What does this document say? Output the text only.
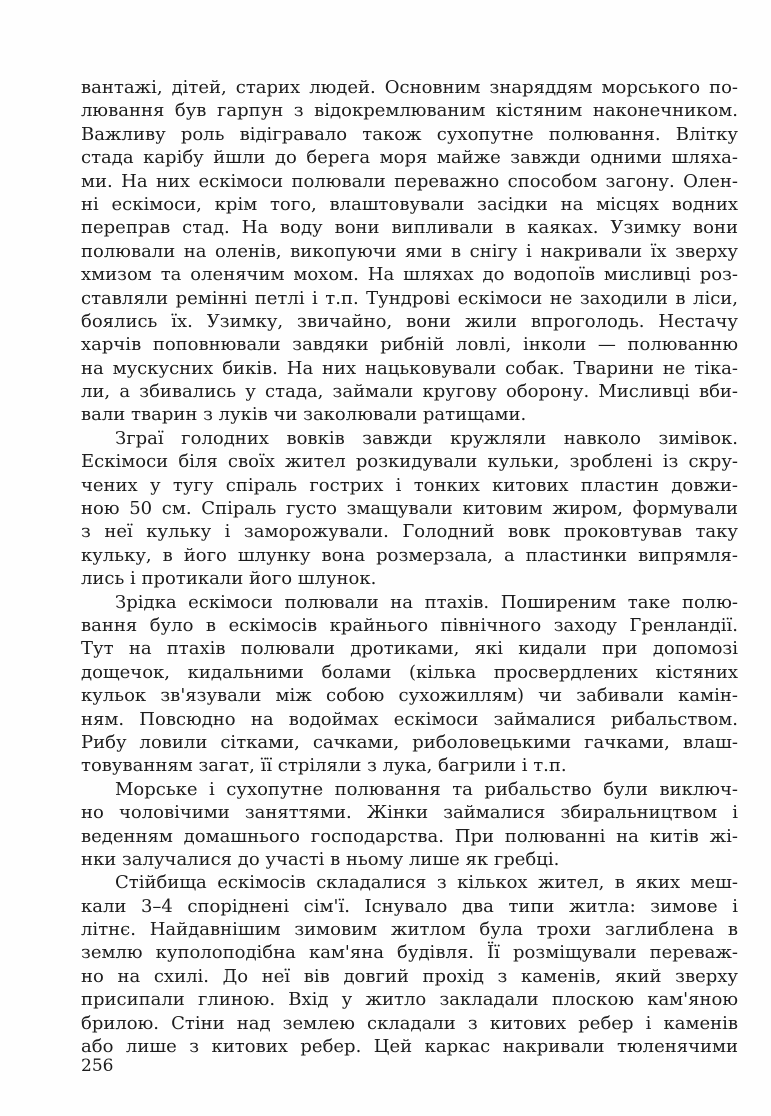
вантажі, дітей, старих людей. Основним знаряддям морського по-
лювання був гарпун з відокремлюваним кістяним наконечником.
Важливу роль відігравало також сухопутне полювання. Влітку
стада карібу йшли до берега моря майже завжди одними шляха-
ми. На них ескімоси полювали переважно способом загону. Олен-
ні ескімоси, крім того, влаштовували засідки на місцях водних
переправ стад. На воду вони випливали в каяках. Узимку вони
полювали на оленів, викопуючи ями в снігу і накривали їх зверху
хмизом та оленячим мохом. На шляхах до водопоїв мисливці роз-
ставляли ремінні петлі і т.п. Тундрові ескімоси не заходили в ліси,
боялись їх. Узимку, звичайно, вони жили впроголодь. Нестачу
харчів поповнювали завдяки рибній ловлі, інколи — полюванню
на мускусних биків. На них нацьковували собак. Тварини не тіка-
ли, а збивались у стада, займали кругову оборону. Мисливці вби-
вали тварин з луків чи заколювали ратищами.
Зграї голодних вовків завжди кружляли навколо зимівок.
Ескімоси біля своїх жител розкидували кульки, зроблені із скру-
чених у тугу спіраль гострих і тонких китових пластин довжи-
ною 50 см. Спіраль густо змащували китовим жиром, формували
з неї кульку і заморожували. Голодний вовк проковтував таку
кульку, в його шлунку вона розмерзала, а пластинки випрямля-
лись і протикали його шлунок.
Зрідка ескімоси полювали на птахів. Поширеним таке полю-
вання було в ескімосів крайнього північного заходу Гренландії.
Тут на птахів полювали дротиками, які кидали при допомозі
дощечок, кидальними болами (кілька просвердлених кістяних
кульок зв'язували між собою сухожиллям) чи забивали камін-
ням. Повсюдно на водоймах ескімоси займалися рибальством.
Рибу ловили сітками, сачками, риболовецькими гачками, влаш-
товуванням загат, її стріляли з лука, багрили і т.п.
Морське і сухопутне полювання та рибальство були виключ-
но чоловічими заняттями. Жінки займалися збиральництвом і
веденням домашнього господарства. При полюванні на китів жі-
нки залучалися до участі в ньому лише як гребці.
Стійбища ескімосів складалися з кількох жител, в яких меш-
кали 3–4 споріднені сім'ї. Існувало два типи житла: зимове і
літнє. Найдавнішим зимовим житлом була трохи заглиблена в
землю куполоподібна кам'яна будівля. Її розміщували переваж-
но на схилі. До неї вів довгий прохід з каменів, який зверху
присипали глиною. Вхід у житло закладали плоскою кам'яною
брилою. Стіни над землею складали з китових ребер і каменів
або лише з китових ребер. Цей каркас накривали тюленячими
256
